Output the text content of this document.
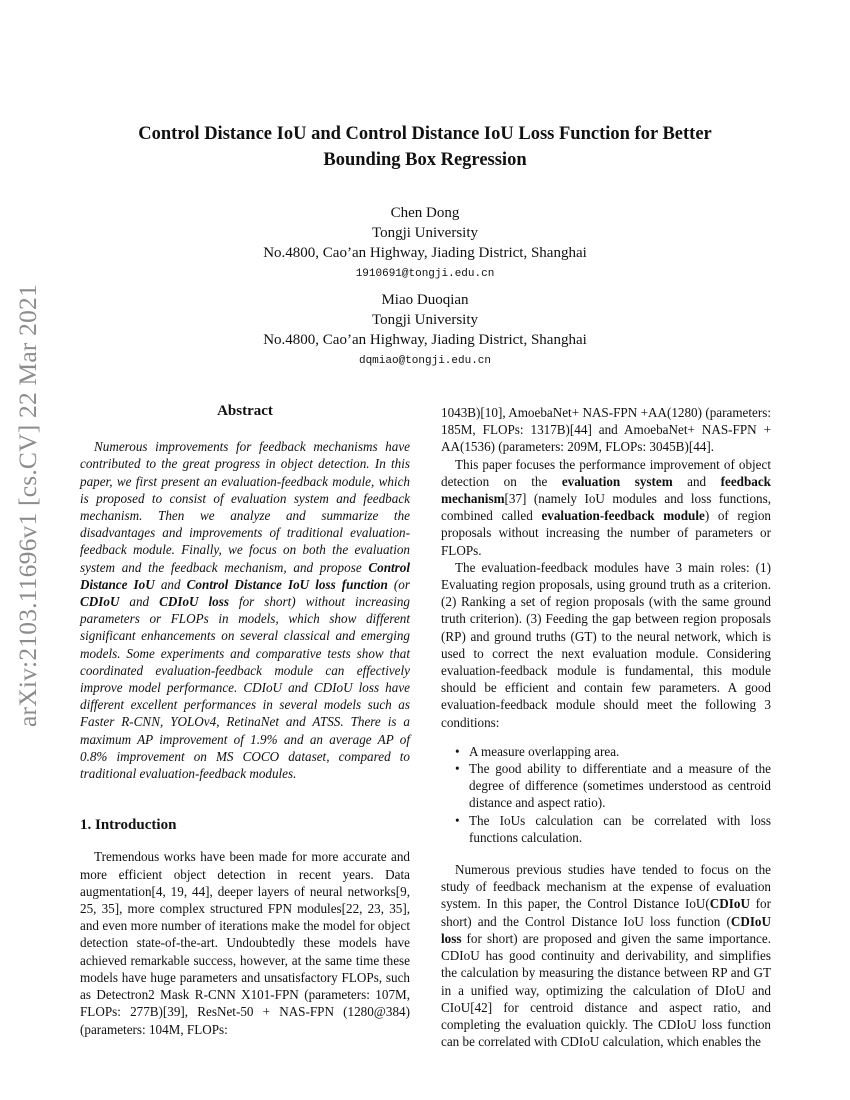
arXiv:2103.11696v1 [cs.CV] 22 Mar 2021
Control Distance IoU and Control Distance IoU Loss Function for Better
Bounding Box Regression
Chen Dong
Tongji University
No.4800, Cao’an Highway, Jiading District, Shanghai
1910691@tongji.edu.cn
Miao Duoqian
Tongji University
No.4800, Cao’an Highway, Jiading District, Shanghai
dqmiao@tongji.edu.cn
Abstract

Numerous improvements for feedback mechanisms have contributed to the great progress in object detection. In this paper, we first present an evaluation-feedback module, which is proposed to consist of evaluation system and feedback mechanism. Then we analyze and summarize the disadvantages and improvements of traditional evaluation-feedback module. Finally, we focus on both the evaluation system and the feedback mechanism, and propose Control Distance IoU and Control Distance IoU loss function (or CDIoU and CDIoU loss for short) without increasing parameters or FLOPs in models, which show different significant enhancements on several classical and emerging models. Some experiments and comparative tests show that coordinated evaluation-feedback module can effectively improve model performance. CDIoU and CDIoU loss have different excellent performances in several models such as Faster R-CNN, YOLOv4, RetinaNet and ATSS. There is a maximum AP improvement of 1.9% and an average AP of 0.8% improvement on MS COCO dataset, compared to traditional evaluation-feedback modules.

1. Introduction

Tremendous works have been made for more accurate and more efficient object detection in recent years. Data augmentation[4, 19, 44], deeper layers of neural networks[9, 25, 35], more complex structured FPN modules[22, 23, 35], and even more number of iterations make the model for object detection state-of-the-art. Undoubtedly these models have achieved remarkable success, however, at the same time these models have huge parameters and unsatisfactory FLOPs, such as Detectron2 Mask R-CNN X101-FPN (parameters: 107M, FLOPs: 277B)[39], ResNet-50 + NAS-FPN (1280@384) (parameters: 104M, FLOPs:

1043B)[10], AmoebaNet+ NAS-FPN +AA(1280) (parameters: 185M, FLOPs: 1317B)[44] and AmoebaNet+ NAS-FPN + AA(1536) (parameters: 209M, FLOPs: 3045B)[44].

This paper focuses the performance improvement of object detection on the evaluation system and feedback mechanism[37] (namely IoU modules and loss functions, combined called evaluation-feedback module) of region proposals without increasing the number of parameters or FLOPs.

The evaluation-feedback modules have 3 main roles: (1) Evaluating region proposals, using ground truth as a criterion. (2) Ranking a set of region proposals (with the same ground truth criterion). (3) Feeding the gap between region proposals (RP) and ground truths (GT) to the neural network, which is used to correct the next evaluation module. Considering evaluation-feedback module is fundamental, this module should be efficient and contain few parameters. A good evaluation-feedback module should meet the following 3 conditions:

• A measure overlapping area.
• The good ability to differentiate and a measure of the degree of difference (sometimes understood as centroid distance and aspect ratio).
• The IoUs calculation can be correlated with loss functions calculation.

Numerous previous studies have tended to focus on the study of feedback mechanism at the expense of evaluation system. In this paper, the Control Distance IoU(CDIoU for short) and the Control Distance IoU loss function (CDIoU loss for short) are proposed and given the same importance. CDIoU has good continuity and derivability, and simplifies the calculation by measuring the distance between RP and GT in a unified way, optimizing the calculation of DIoU and CIoU[42] for centroid distance and aspect ratio, and completing the evaluation quickly. The CDIoU loss function can be correlated with CDIoU calculation, which enables the
